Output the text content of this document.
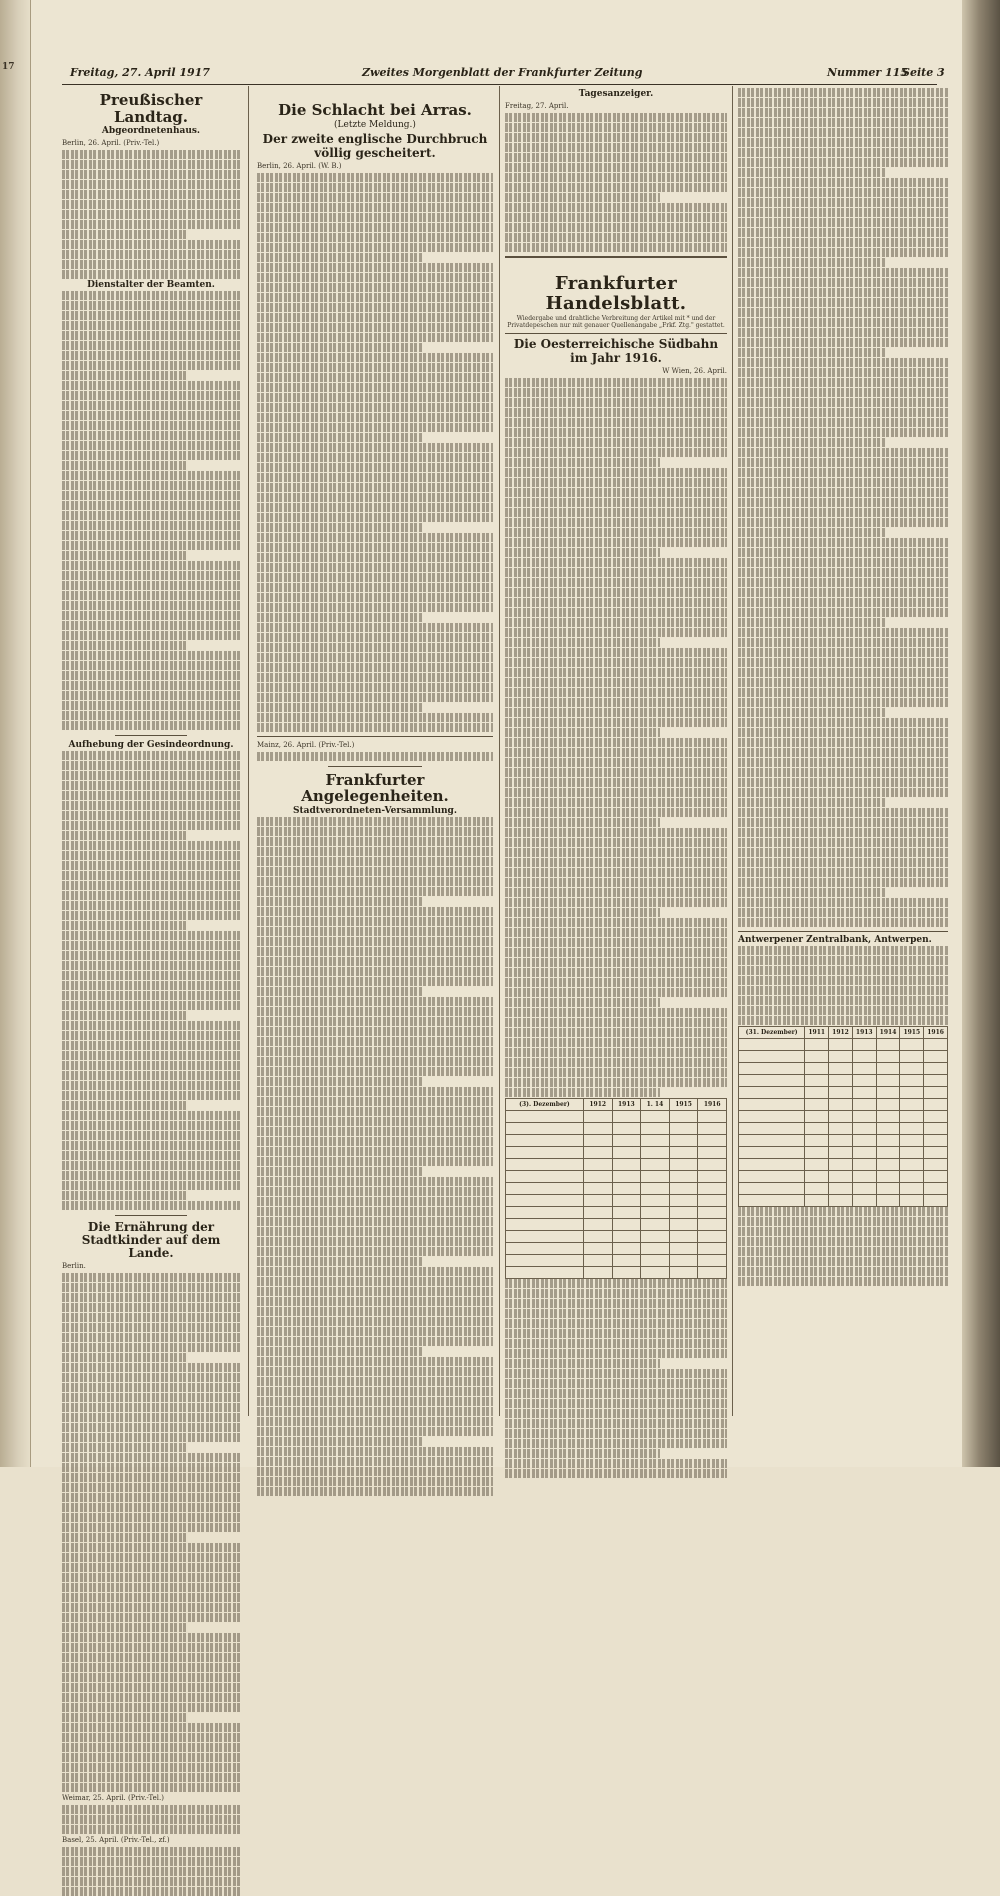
17	Freitag, 27. April 1917	Zweites Morgenblatt der Frankfurter Zeitung	Nummer 115
Seite 3
Preußischer Landtag.
Abgeordnetenhaus.
Berlin, 26. April. (Priv.-Tel.)
Dienstalter der Beamten.
Aufhebung der Gesindeordnung.
Die Ernährung der Stadtkinder auf dem Lande.
Berlin.
Weimar, 25. April. (Priv.-Tel.)
Basel, 25. April. (Priv.-Tel., zf.)
Die Schlacht bei Arras.
(Letzte Meldung.)
Der zweite englische Durchbruch völlig gescheitert.
Berlin, 26. April. (W. B.)
Mainz, 26. April. (Priv.-Tel.)
Frankfurter Angelegenheiten.
Stadtverordneten-Versammlung.
Tagesanzeiger.
Freitag, 27. April.
Frankfurter Handelsblatt.
Wiedergabe und drahtliche Verbreitung der Artikel mit * und der Privatdepeschen nur mit genauer Quellenangabe „Frkf. Ztg." gestattet.
Die Oesterreichische Südbahn im Jahr 1916.
W Wien, 26. April.
(3). Dezember)	1912	1913	1. 14	1915	1916

Antwerpener Zentralbank, Antwerpen.
(31. Dezember)	1911	1912	1913	1914	1915	1916
